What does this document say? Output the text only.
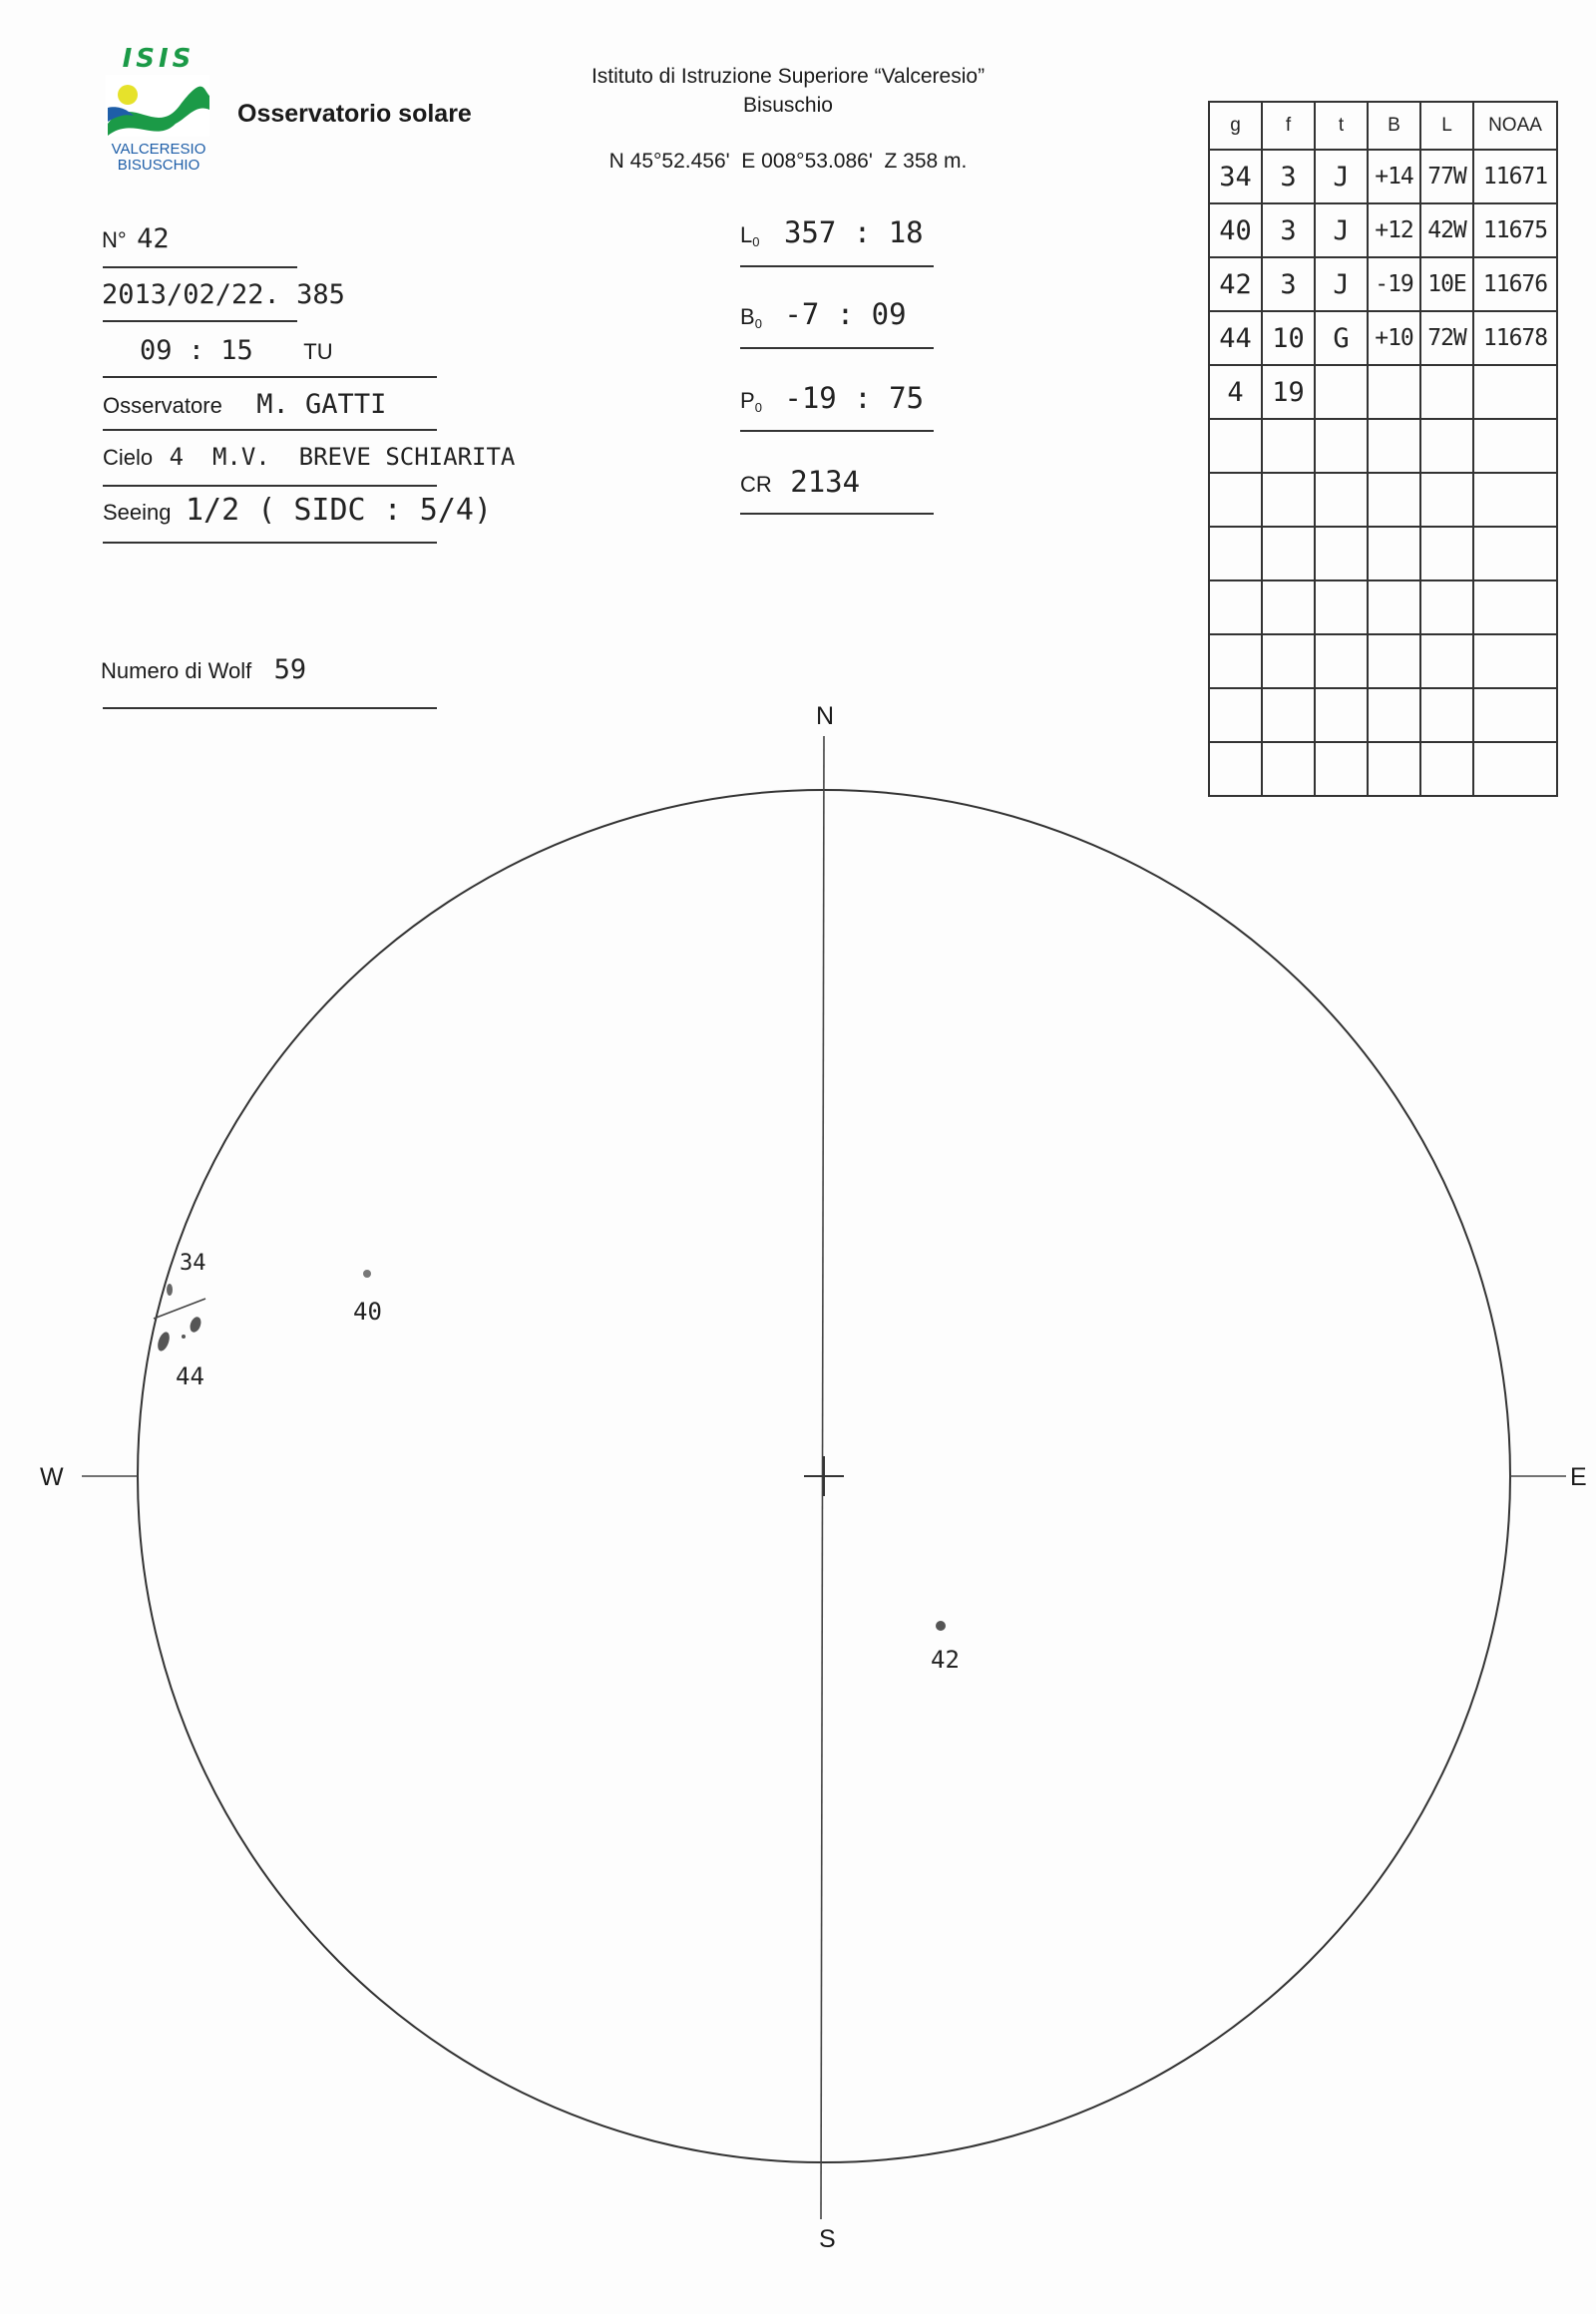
ISIS
VALCERESIO
BISUSCHIO
Osservatorio solare
Istituto di Istruzione Superiore “Valceresio”
Bisuschio
N 45°52.456'  E 008°53.086'  Z 358 m.
N° 42
2013/02/22. 385
09 : 15 TU
Osservatore M. GATTI
Cielo 4  M.V.  BREVE SCHIARITA
Seeing 1/2 ( SIDC : 5/4)
Numero di Wolf 59
$L_0$ 357 : 18
$B_0$ -7 : 09
$P_0$ -19 : 75
CR 2134
g	f	t	B	L	NOAA
34	3	J	+14	77W	11671
40	3	J	+12	42W	11675
42	3	J	-19	10E	11676
44	10	G	+10	72W	11678
4	19				

N
S
W	E
34
40
44
42
